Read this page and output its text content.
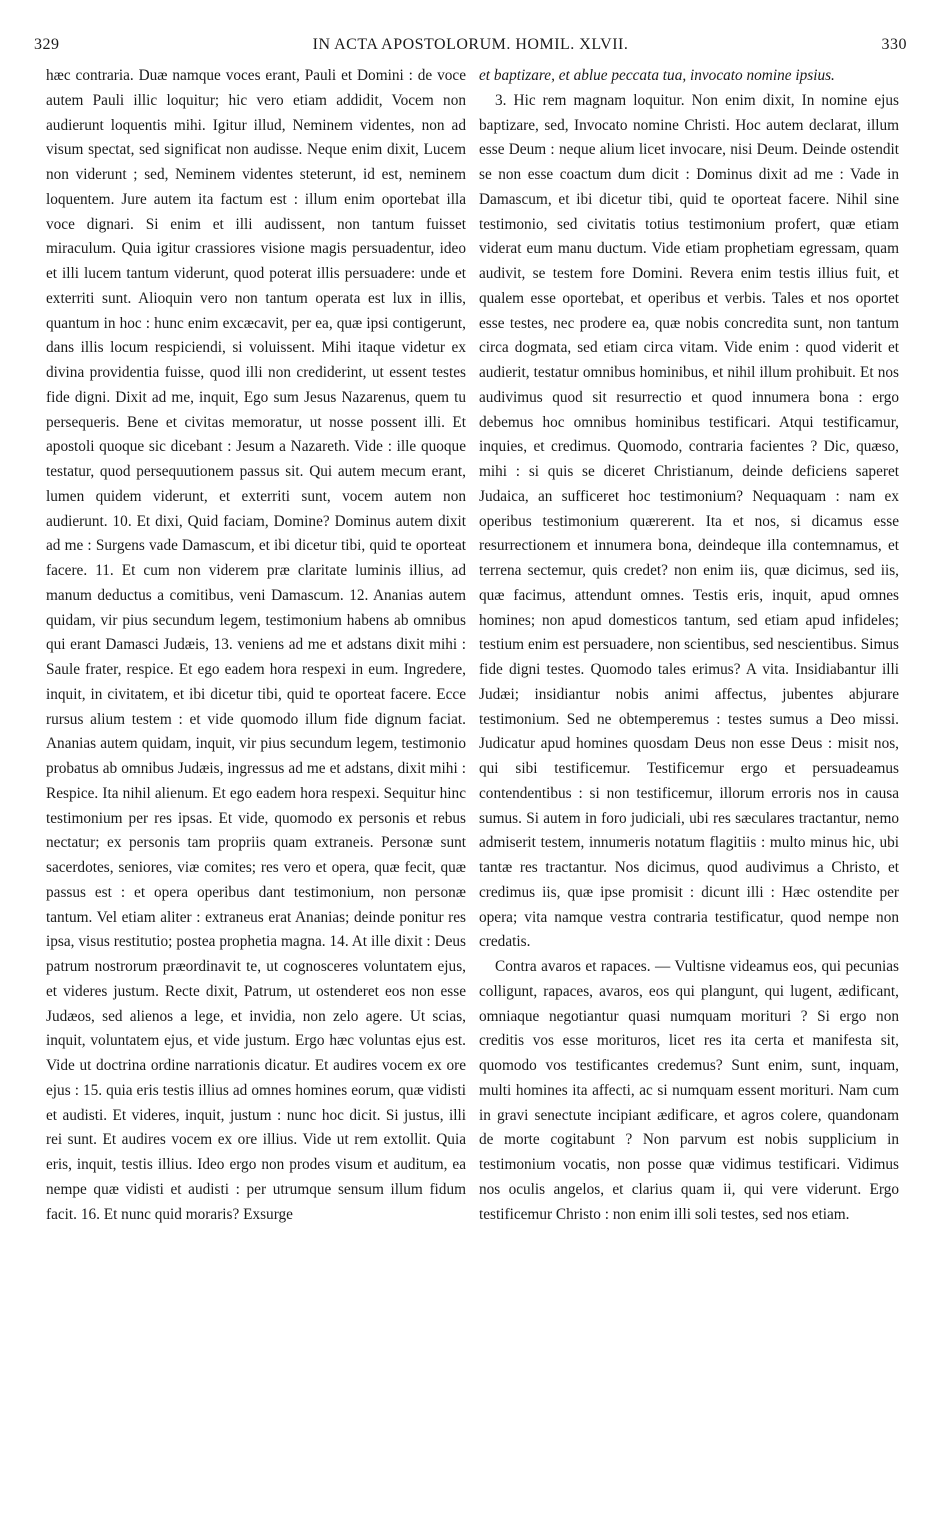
329	IN ACTA APOSTOLORUM. HOMIL. XLVII.	330

hæc contraria. Duæ namque voces erant, Pauli et Domini : de voce autem Pauli illic loquitur; hic vero etiam addidit, Vocem non audierunt loquentis mihi. Igitur illud, Neminem videntes, non ad visum spectat, sed significat non audisse. Neque enim dixit, Lucem non viderunt ; sed, Neminem videntes steterunt, id est, neminem loquentem. Jure autem ita factum est : illum enim oportebat illa voce dignari. Si enim et illi audissent, non tantum fuisset miraculum. Quia igitur crassiores visione magis persuadentur, ideo et illi lucem tantum viderunt, quod poterat illis persuadere: unde et exterriti sunt. Alioquin vero non tantum operata est lux in illis, quantum in hoc : hunc enim excæcavit, per ea, quæ ipsi contigerunt, dans illis locum respiciendi, si voluissent. Mihi itaque videtur ex divina providentia fuisse, quod illi non crediderint, ut essent testes fide digni. Dixit ad me, inquit, Ego sum Jesus Nazarenus, quem tu persequeris. Bene et civitas memoratur, ut nosse possent illi. Et apostoli quoque sic dicebant : Jesum a Nazareth. Vide : ille quoque testatur, quod persequutionem passus sit. Qui autem mecum erant, lumen quidem viderunt, et exterriti sunt, vocem autem non audierunt. 10. Et dixi, Quid faciam, Domine? Dominus autem dixit ad me : Surgens vade Damascum, et ibi dicetur tibi, quid te oporteat facere. 11. Et cum non viderem præ claritate luminis illius, ad manum deductus a comitibus, veni Damascum. 12. Ananias autem quidam, vir pius secundum legem, testimonium habens ab omnibus qui erant Damasci Judæis, 13. veniens ad me et adstans dixit mihi : Saule frater, respice. Et ego eadem hora respexi in eum. Ingredere, inquit, in civitatem, et ibi dicetur tibi, quid te oporteat facere. Ecce rursus alium testem : et vide quomodo illum fide dignum faciat. Ananias autem quidam, inquit, vir pius secundum legem, testimonio probatus ab omnibus Judæis, ingressus ad me et adstans, dixit mihi : Respice. Ita nihil alienum. Et ego eadem hora respexi. Sequitur hinc testimonium per res ipsas. Et vide, quomodo ex personis et rebus nectatur; ex personis tam propriis quam extraneis. Personæ sunt sacerdotes, seniores, viæ comites; res vero et opera, quæ fecit, quæ passus est : et opera operibus dant testimonium, non personæ tantum. Vel etiam aliter : extraneus erat Ananias; deinde ponitur res ipsa, visus restitutio; postea prophetia magna. 14. At ille dixit : Deus patrum nostrorum præordinavit te, ut cognosceres voluntatem ejus, et videres justum. Recte dixit, Patrum, ut ostenderet eos non esse Judæos, sed alienos a lege, et invidia, non zelo agere. Ut scias, inquit, voluntatem ejus, et vide justum. Ergo hæc voluntas ejus est. Vide ut doctrina ordine narrationis dicatur. Et audires vocem ex ore ejus : 15. quia eris testis illius ad omnes homines eorum, quæ vidisti et audisti. Et videres, inquit, justum : nunc hoc dicit. Si justus, illi rei sunt. Et audires vocem ex ore illius. Vide ut rem extollit. Quia eris, inquit, testis illius. Ideo ergo non prodes visum et auditum, ea nempe quæ vidisti et audisti : per utrumque sensum illum fidum facit. 16. Et nunc quid moraris? Exsurge

et baptizare, et ablue peccata tua, invocato nomine ipsius.

3. Hic rem magnam loquitur. Non enim dixit, In nomine ejus baptizare, sed, Invocato nomine Christi. Hoc autem declarat, illum esse Deum : neque alium licet invocare, nisi Deum. Deinde ostendit se non esse coactum dum dicit : Dominus dixit ad me : Vade in Damascum, et ibi dicetur tibi, quid te oporteat facere. Nihil sine testimonio, sed civitatis totius testimonium profert, quæ etiam viderat eum manu ductum. Vide etiam prophetiam egressam, quam audivit, se testem fore Domini. Revera enim testis illius fuit, et qualem esse oportebat, et operibus et verbis. Tales et nos oportet esse testes, nec prodere ea, quæ nobis concredita sunt, non tantum circa dogmata, sed etiam circa vitam. Vide enim : quod viderit et audierit, testatur omnibus hominibus, et nihil illum prohibuit. Et nos audivimus quod sit resurrectio et quod innumera bona : ergo debemus hoc omnibus hominibus testificari. Atqui testificamur, inquies, et credimus. Quomodo, contraria facientes ? Dic, quæso, mihi : si quis se diceret Christianum, deinde deficiens saperet Judaica, an sufficeret hoc testimonium? Nequaquam : nam ex operibus testimonium quærerent. Ita et nos, si dicamus esse resurrectionem et innumera bona, deindeque illa contemnamus, et terrena sectemur, quis credet? non enim iis, quæ dicimus, sed iis, quæ facimus, attendunt omnes. Testis eris, inquit, apud omnes homines; non apud domesticos tantum, sed etiam apud infideles; testium enim est persuadere, non scientibus, sed nescientibus. Simus fide digni testes. Quomodo tales erimus? A vita. Insidiabantur illi Judæi; insidiantur nobis animi affectus, jubentes abjurare testimonium. Sed ne obtemperemus : testes sumus a Deo missi. Judicatur apud homines quosdam Deus non esse Deus : misit nos, qui sibi testificemur. Testificemur ergo et persuadeamus contendentibus : si non testificemur, illorum erroris nos in causa sumus. Si autem in foro judiciali, ubi res sæculares tractantur, nemo admiserit testem, innumeris notatum flagitiis : multo minus hic, ubi tantæ res tractantur. Nos dicimus, quod audivimus a Christo, et credimus iis, quæ ipse promisit : dicunt illi : Hæc ostendite per opera; vita namque vestra contraria testificatur, quod nempe non credatis.

Contra avaros et rapaces. — Vultisne videamus eos, qui pecunias colligunt, rapaces, avaros, eos qui plangunt, qui lugent, ædificant, omniaque negotiantur quasi numquam morituri ? Si ergo non creditis vos esse morituros, licet res ita certa et manifesta sit, quomodo vos testificantes credemus? Sunt enim, sunt, inquam, multi homines ita affecti, ac si numquam essent morituri. Nam cum in gravi senectute incipiant ædificare, et agros colere, quandonam de morte cogitabunt ? Non parvum est nobis supplicium in testimonium vocatis, non posse quæ vidimus testificari. Vidimus nos oculis angelos, et clarius quam ii, qui vere viderunt. Ergo testificemur Christo : non enim illi soli testes, sed nos etiam.
